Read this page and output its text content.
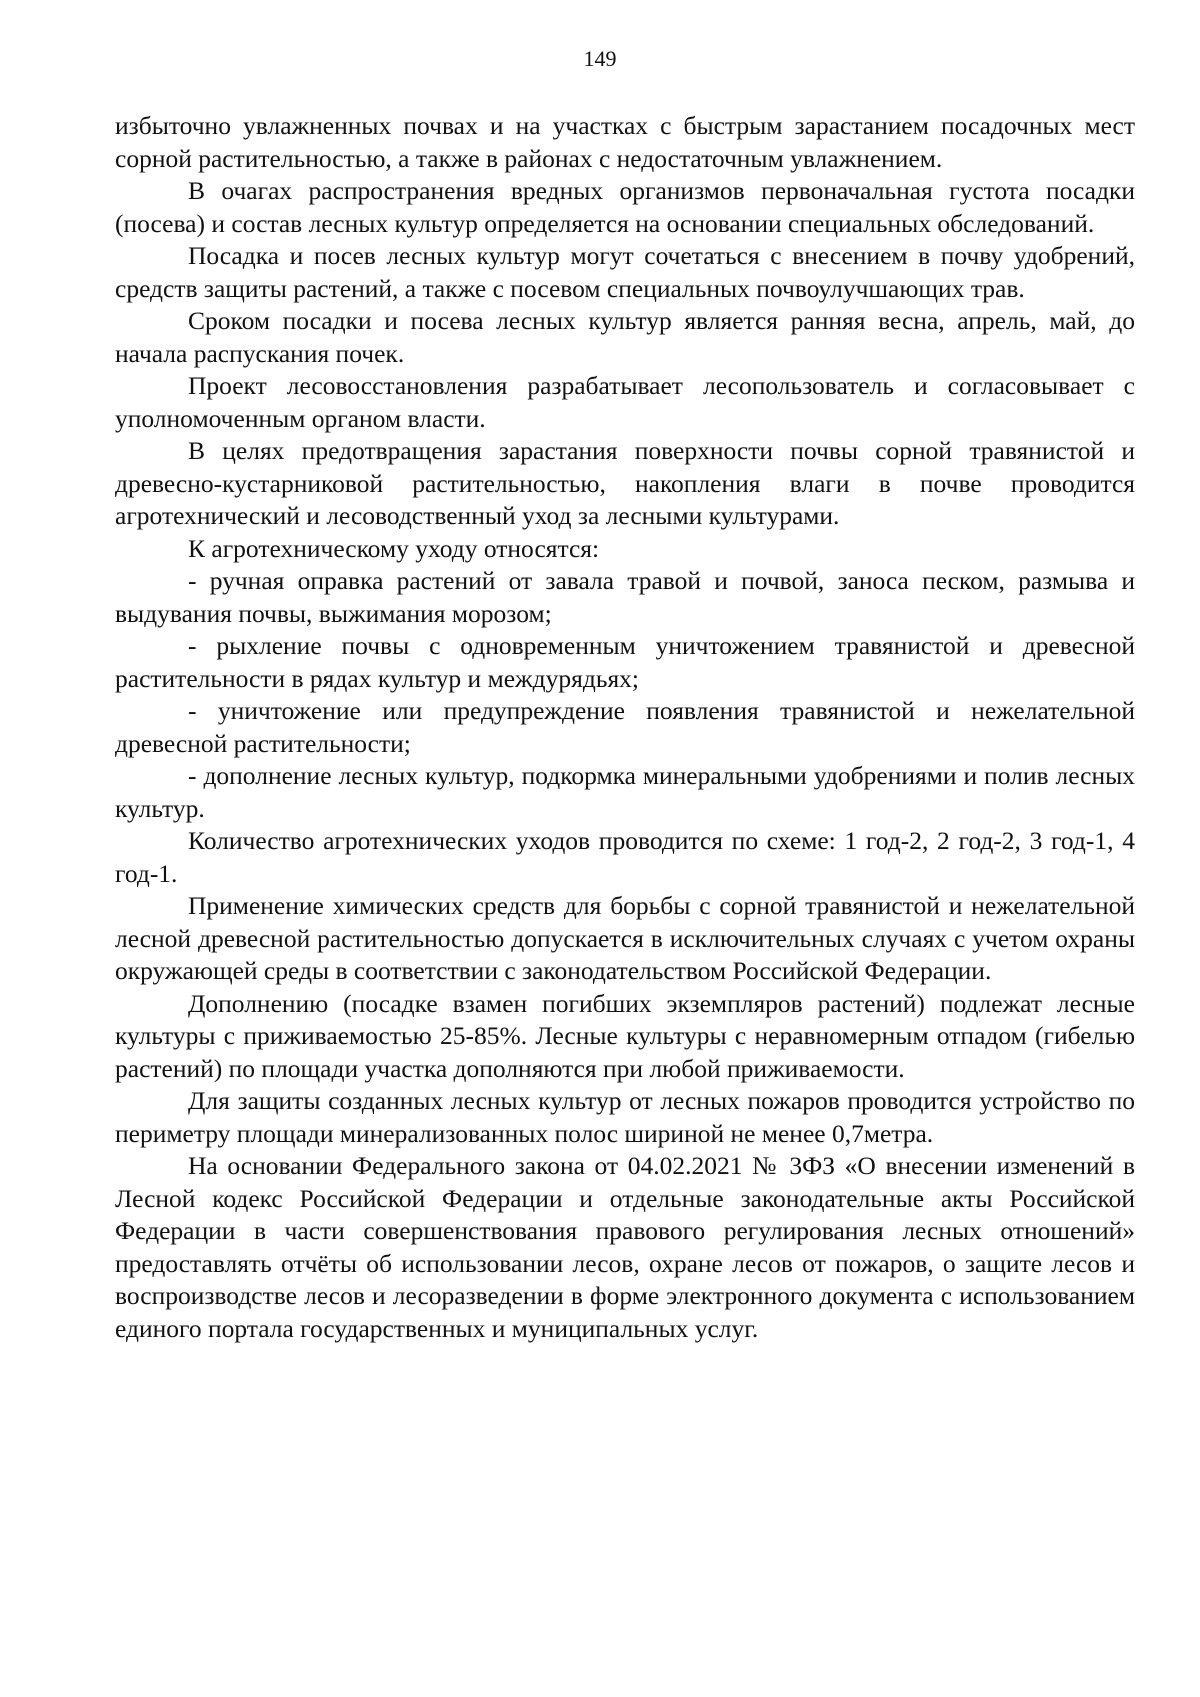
149

избыточно увлажненных почвах и на участках с быстрым зарастанием посадочных мест сорной растительностью, а также в районах с недостаточным увлажнением.

В очагах распространения вредных организмов первоначальная густота посадки (посева) и состав лесных культур определяется на основании специальных обследований.

Посадка и посев лесных культур могут сочетаться с внесением в почву удобрений, средств защиты растений, а также с посевом специальных почвоулучшающих трав.

Сроком посадки и посева лесных культур является ранняя весна, апрель, май, до начала распускания почек.

Проект лесовосстановления разрабатывает лесопользователь и согласовывает с уполномоченным органом власти.

В целях предотвращения зарастания поверхности почвы сорной травянистой и древесно-кустарниковой растительностью, накопления влаги в почве проводится агротехнический и лесоводственный уход за лесными культурами.

К агротехническому уходу относятся:

- ручная оправка растений от завала травой и почвой, заноса песком, размыва и выдувания почвы, выжимания морозом;

- рыхление почвы с одновременным уничтожением травянистой и древесной растительности в рядах культур и междурядьях;

- уничтожение или предупреждение появления травянистой и нежелательной древесной растительности;

- дополнение лесных культур, подкормка минеральными удобрениями и полив лесных культур.

Количество агротехнических уходов проводится по схеме: 1 год-2, 2 год-2, 3 год-1, 4 год-1.

Применение химических средств для борьбы с сорной травянистой и нежелательной лесной древесной растительностью допускается в исключительных случаях с учетом охраны окружающей среды в соответствии с законодательством Российской Федерации.

Дополнению (посадке взамен погибших экземпляров растений) подлежат лесные культуры с приживаемостью 25-85%. Лесные культуры с неравномерным отпадом (гибелью растений) по площади участка дополняются при любой приживаемости.

Для защиты созданных лесных культур от лесных пожаров проводится устройство по периметру площади минерализованных полос шириной не менее 0,7метра.

На основании Федерального закона от 04.02.2021 № 3ФЗ «О внесении изменений в Лесной кодекс Российской Федерации и отдельные законодательные акты Российской Федерации в части совершенствования правового регулирования лесных отношений» предоставлять отчёты об использовании лесов, охране лесов от пожаров, о защите лесов и воспроизводстве лесов и лесоразведении в форме электронного документа с использованием единого портала государственных и муниципальных услуг.
